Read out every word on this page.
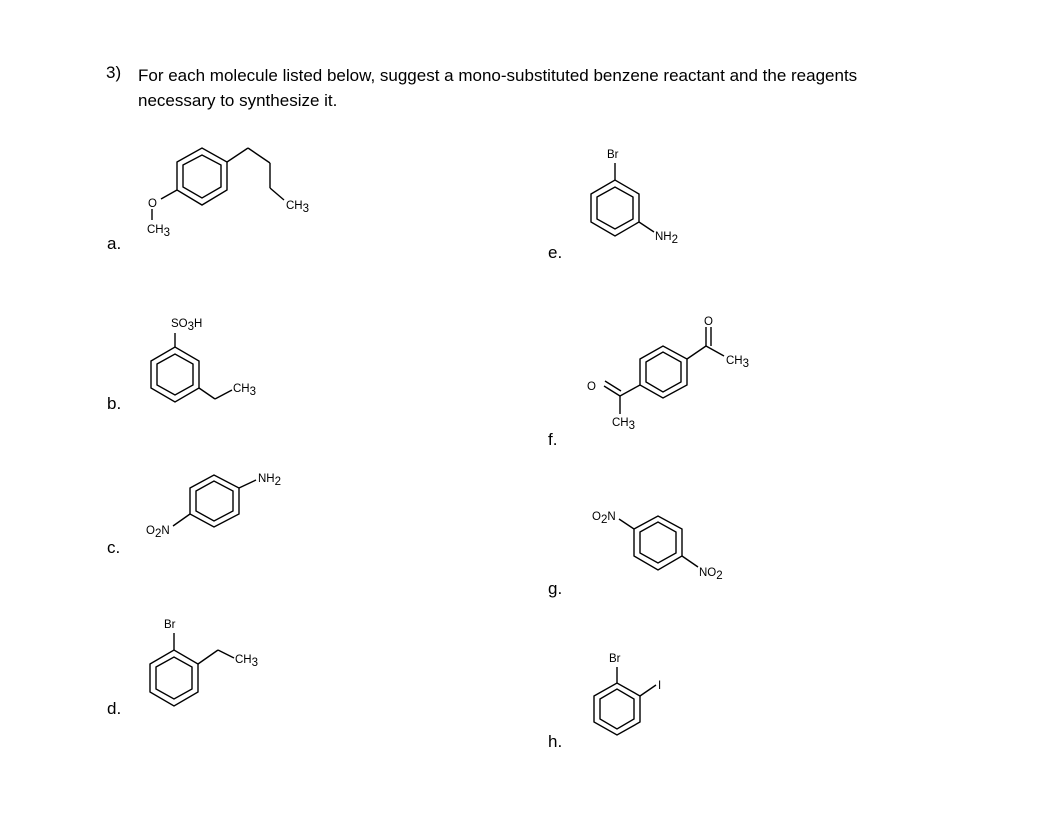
3) For each molecule listed below, suggest a mono-substituted benzene reactant and the reagents necessary to synthesize it.
a.
b.
c.
d.
e.
f.
g.
h.
O
CH3
CH3
SO3H
CH3
NH2
O2N
Br
CH3
Br
NH2
O
CH3
O
CH3
O2N
NO2
Br
I
